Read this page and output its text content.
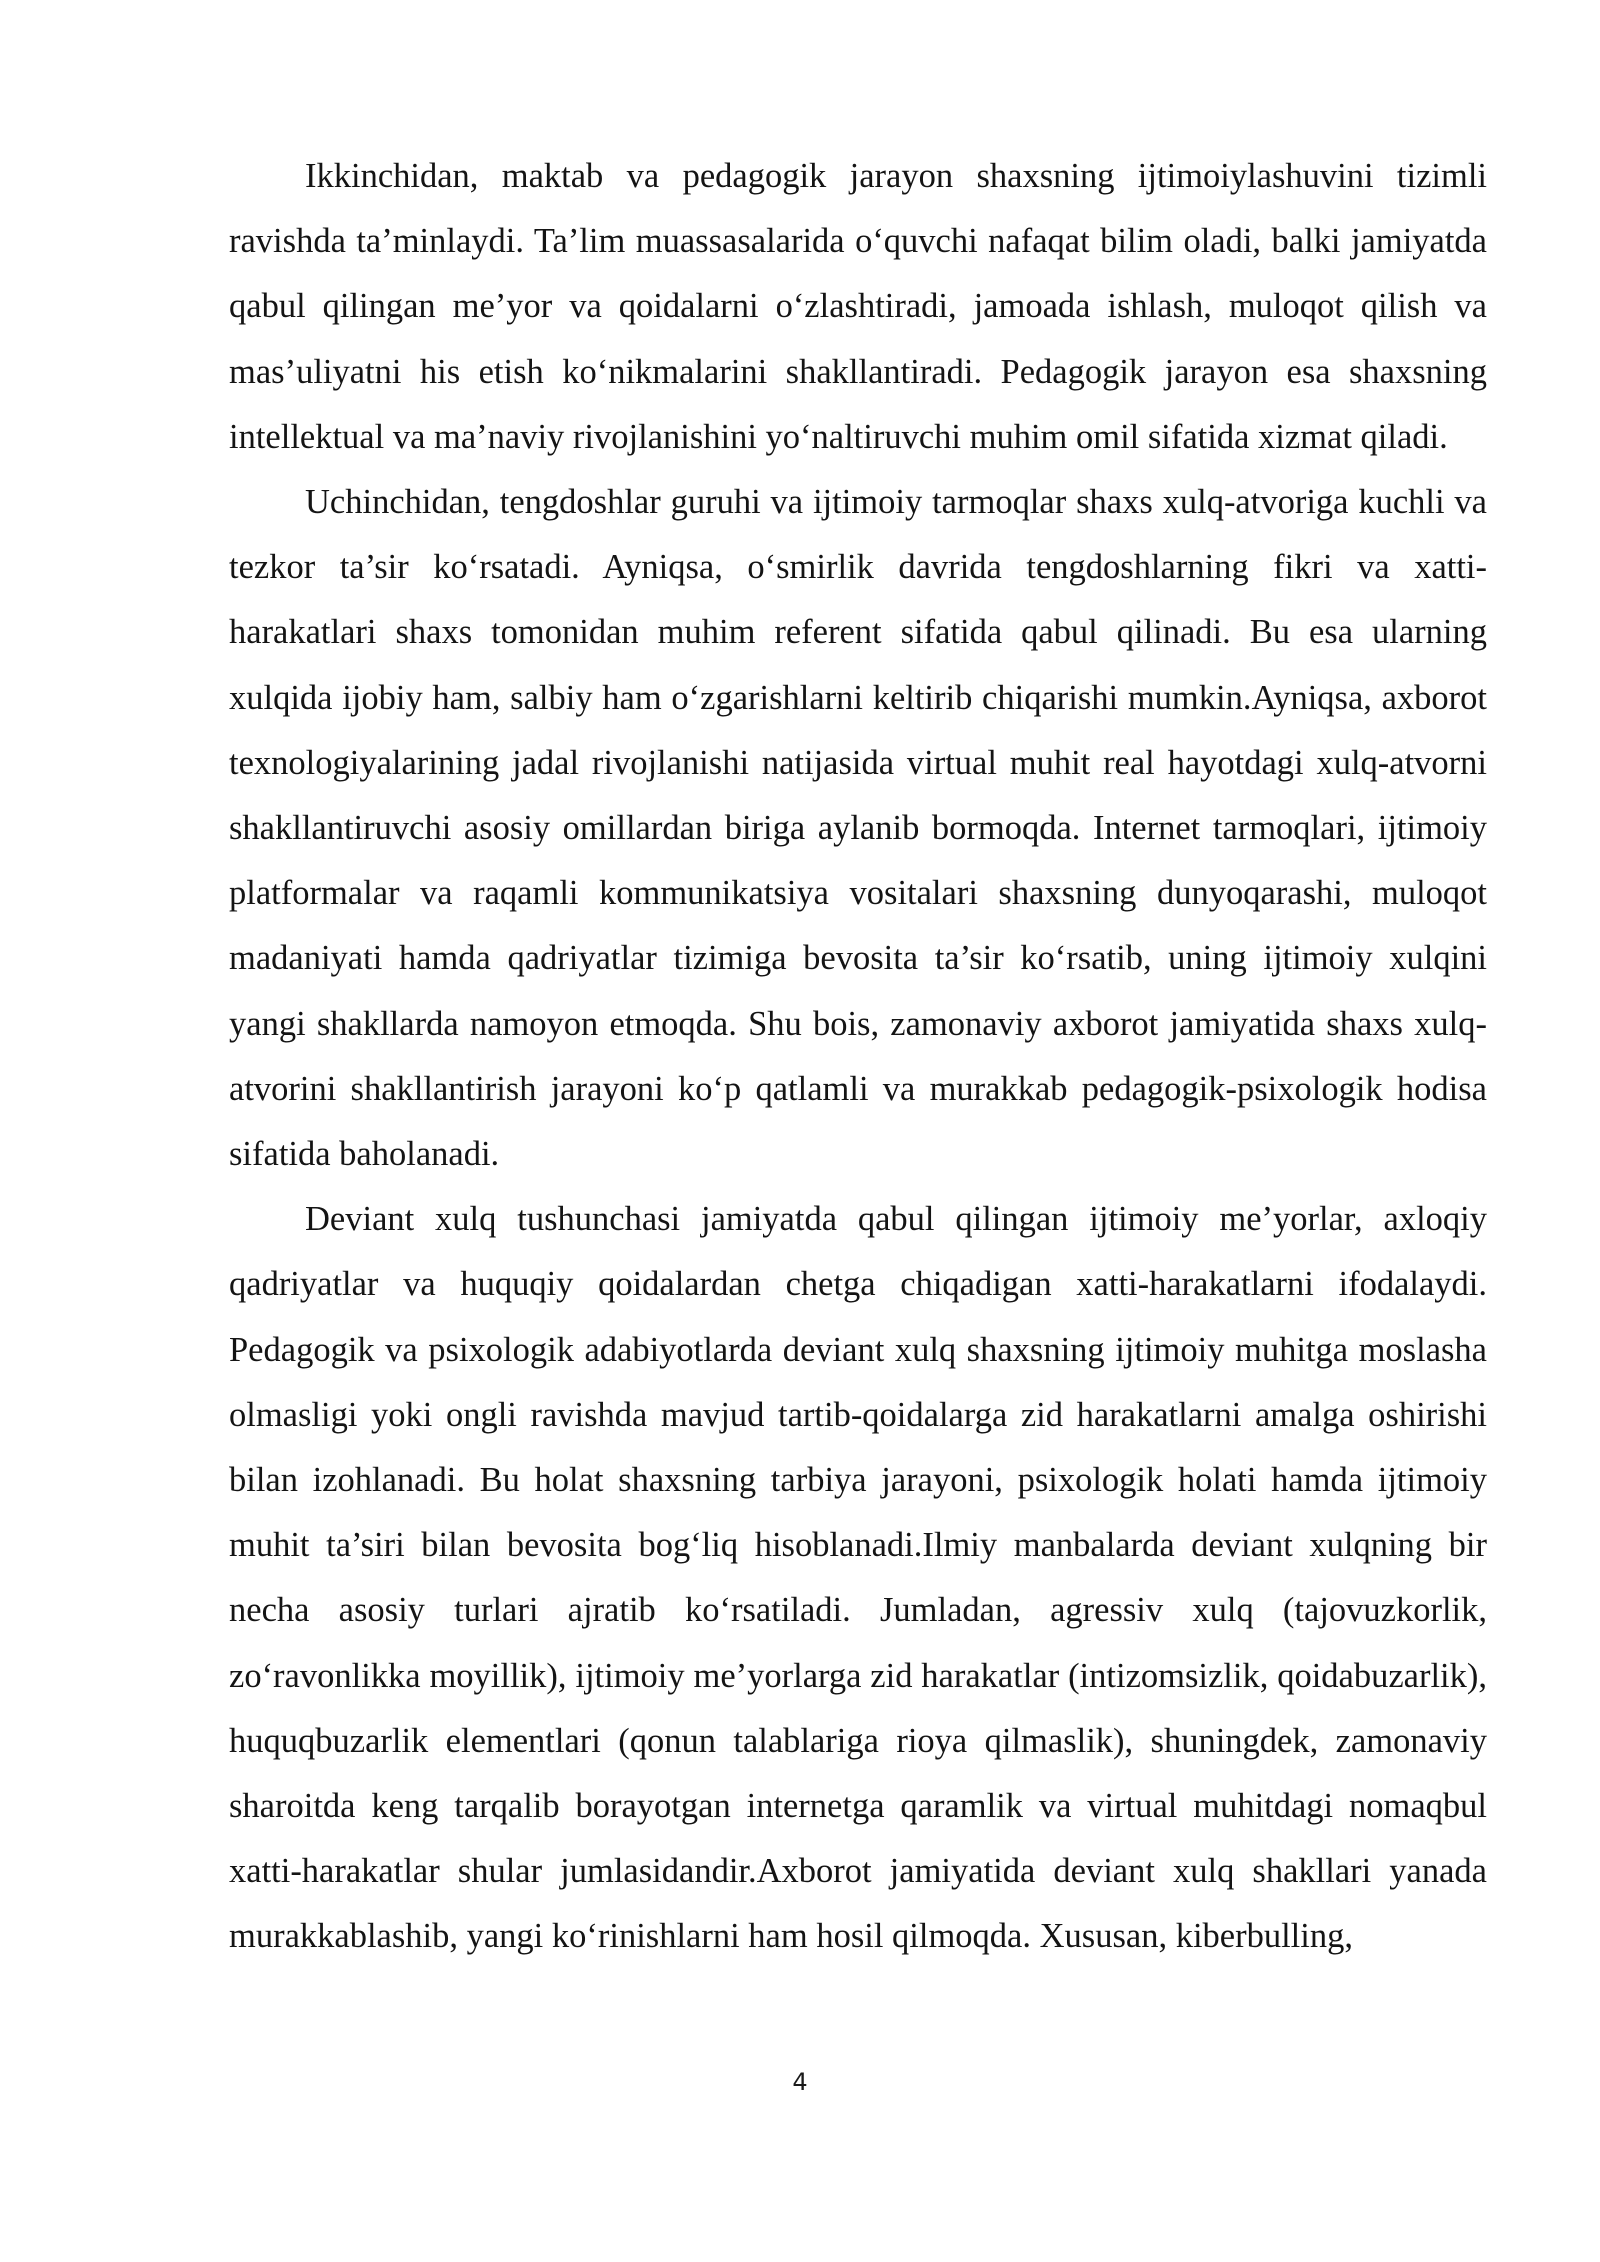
Ikkinchidan, maktab va pedagogik jarayon shaxsning ijtimoiylashuvini tizimli ravishda ta’minlaydi. Ta’lim muassasalarida o‘quvchi nafaqat bilim oladi, balki jamiyatda qabul qilingan me’yor va qoidalarni o‘zlashtiradi, jamoada ishlash, muloqot qilish va mas’uliyatni his etish ko‘nikmalarini shakllantiradi. Pedagogik jarayon esa shaxsning intellektual va ma’naviy rivojlanishini yo‘naltiruvchi muhim omil sifatida xizmat qiladi.

Uchinchidan, tengdoshlar guruhi va ijtimoiy tarmoqlar shaxs xulq-atvoriga kuchli va tezkor ta’sir ko‘rsatadi. Ayniqsa, o‘smirlik davrida tengdoshlarning fikri va xatti-harakatlari shaxs tomonidan muhim referent sifatida qabul qilinadi. Bu esa ularning xulqida ijobiy ham, salbiy ham o‘zgarishlarni keltirib chiqarishi mumkin.Ayniqsa, axborot texnologiyalarining jadal rivojlanishi natijasida virtual muhit real hayotdagi xulq-atvorni shakllantiruvchi asosiy omillardan biriga aylanib bormoqda. Internet tarmoqlari, ijtimoiy platformalar va raqamli kommunikatsiya vositalari shaxsning dunyoqarashi, muloqot madaniyati hamda qadriyatlar tizimiga bevosita ta’sir ko‘rsatib, uning ijtimoiy xulqini yangi shakllarda namoyon etmoqda. Shu bois, zamonaviy axborot jamiyatida shaxs xulq-atvorini shakllantirish jarayoni ko‘p qatlamli va murakkab pedagogik-psixologik hodisa sifatida baholanadi.

Deviant xulq tushunchasi jamiyatda qabul qilingan ijtimoiy me’yorlar, axloqiy qadriyatlar va huquqiy qoidalardan chetga chiqadigan xatti-harakatlarni ifodalaydi. Pedagogik va psixologik adabiyotlarda deviant xulq shaxsning ijtimoiy muhitga moslasha olmasligi yoki ongli ravishda mavjud tartib-qoidalarga zid harakatlarni amalga oshirishi bilan izohlanadi. Bu holat shaxsning tarbiya jarayoni, psixologik holati hamda ijtimoiy muhit ta’siri bilan bevosita bog‘liq hisoblanadi.Ilmiy manbalarda deviant xulqning bir necha asosiy turlari ajratib ko‘rsatiladi. Jumladan, agressiv xulq (tajovuzkorlik, zo‘ravonlikka moyillik), ijtimoiy me’yorlarga zid harakatlar (intizomsizlik, qoidabuzarlik), huquqbuzarlik elementlari (qonun talablariga rioya qilmaslik), shuningdek, zamonaviy sharoitda keng tarqalib borayotgan internetga qaramlik va virtual muhitdagi nomaqbul xatti-harakatlar shular jumlasidandir.Axborot jamiyatida deviant xulq shakllari yanada murakkablashib, yangi ko‘rinishlarni ham hosil qilmoqda. Xususan, kiberbulling,

4
